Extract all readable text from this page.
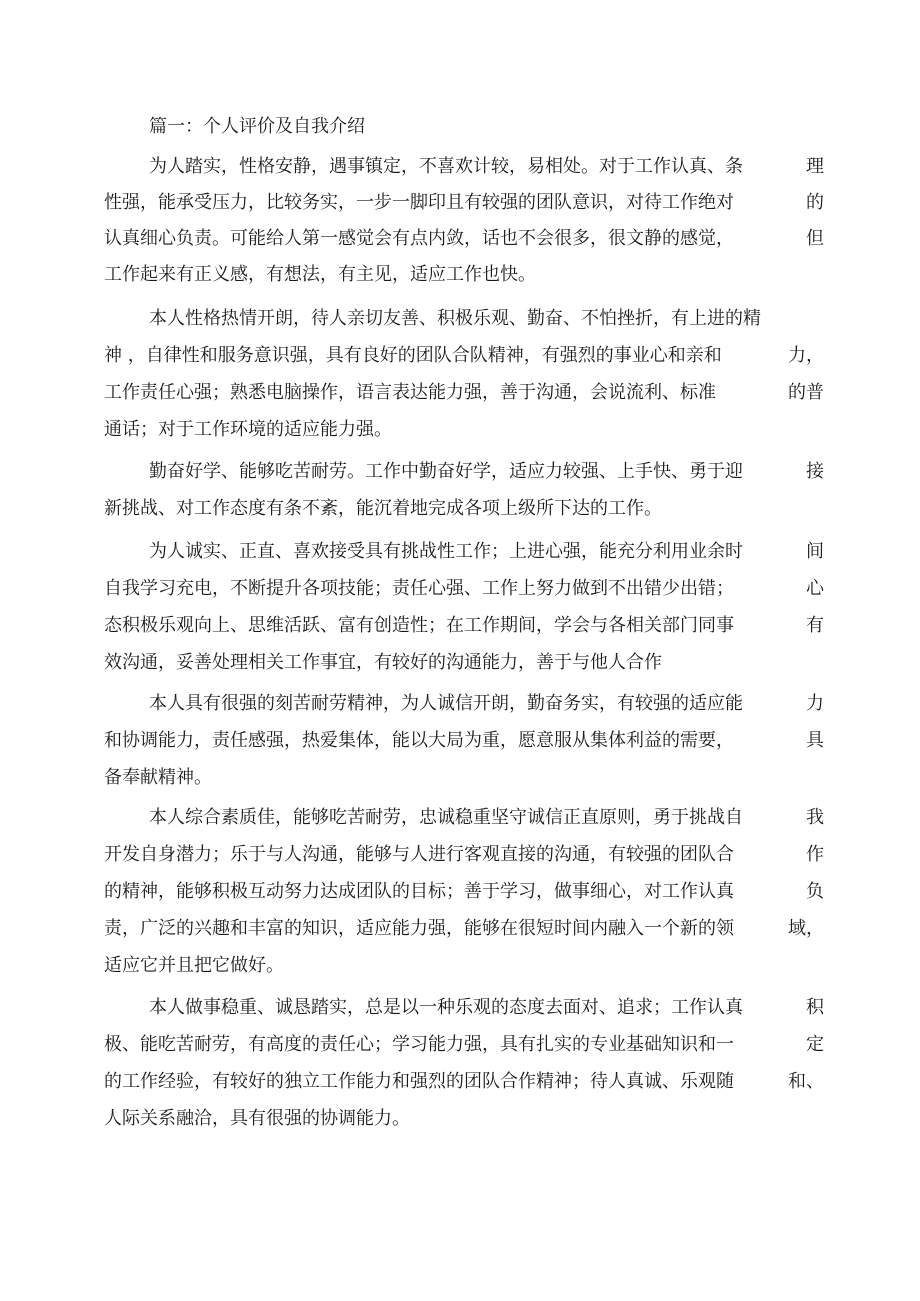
篇一：个人评价及自我介绍
为人踏实，性格安静，遇事镇定，不喜欢计较，易相处。对于工作认真、条	理
性强，能承受压力，比较务实，一步一脚印且有较强的团队意识，对待工作绝对	的
认真细心负责。可能给人第一感觉会有点内敛，话也不会很多，很文静的感觉，	但
工作起来有正义感，有想法，有主见，适应工作也快。
本人性格热情开朗，待人亲切友善、积极乐观、勤奋、不怕挫折，有上进的精
神 ，自律性和服务意识强，具有良好的团队合队精神，有强烈的事业心和亲和	力，
工作责任心强；熟悉电脑操作，语言表达能力强，善于沟通，会说流利、标准	的普
通话；对于工作环境的适应能力强。
勤奋好学、能够吃苦耐劳。工作中勤奋好学，适应力较强、上手快、勇于迎	接
新挑战、对工作态度有条不紊，能沉着地完成各项上级所下达的工作。
为人诚实、正直、喜欢接受具有挑战性工作；上进心强，能充分利用业余时	间
自我学习充电，不断提升各项技能；责任心强、工作上努力做到不出错少出错；	心
态积极乐观向上、思维活跃、富有创造性；在工作期间，学会与各相关部门同事	有
效沟通，妥善处理相关工作事宜，有较好的沟通能力，善于与他人合作
本人具有很强的刻苦耐劳精神，为人诚信开朗，勤奋务实，有较强的适应能	力
和协调能力，责任感强，热爱集体，能以大局为重，愿意服从集体利益的需要，	具
备奉献精神。
本人综合素质佳，能够吃苦耐劳，忠诚稳重坚守诚信正直原则，勇于挑战自	我
开发自身潜力；乐于与人沟通，能够与人进行客观直接的沟通，有较强的团队合	作
的精神，能够积极互动努力达成团队的目标；善于学习，做事细心，对工作认真	负
责，广泛的兴趣和丰富的知识，适应能力强，能够在很短时间内融入一个新的领	域，
适应它并且把它做好。
本人做事稳重、诚恳踏实，总是以一种乐观的态度去面对、追求；工作认真	积
极、能吃苦耐劳，有高度的责任心；学习能力强，具有扎实的专业基础知识和一	定
的工作经验，有较好的独立工作能力和强烈的团队合作精神；待人真诚、乐观随	和、
人际关系融洽，具有很强的协调能力。
